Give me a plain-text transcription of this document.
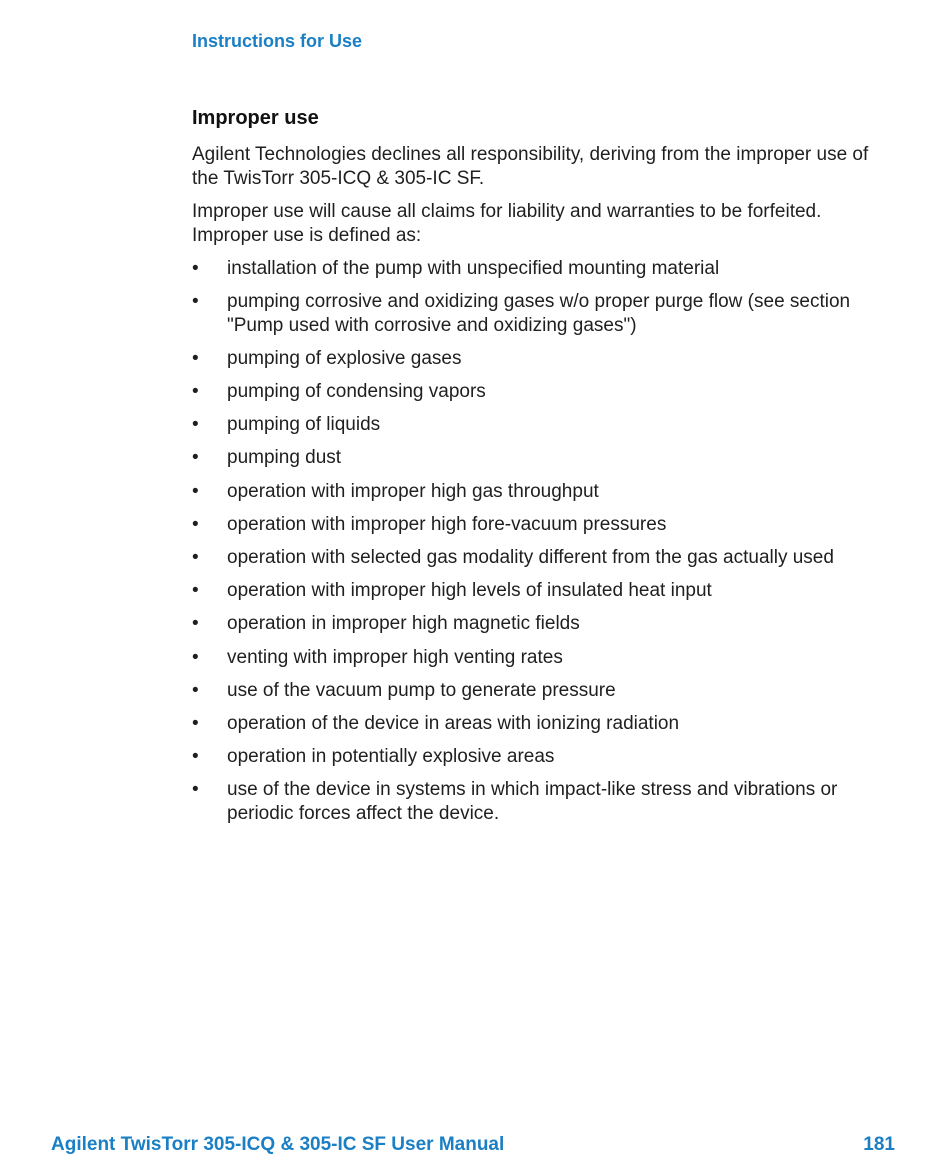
Instructions for Use
Improper use

Agilent Technologies declines all responsibility, deriving from the improper use of the TwisTorr 305-ICQ & 305-IC SF.

Improper use will cause all claims for liability and warranties to be forfeited. Improper use is defined as:

• installation of the pump with unspecified mounting material
• pumping corrosive and oxidizing gases w/o proper purge flow (see section "Pump used with corrosive and oxidizing gases")
• pumping of explosive gases
• pumping of condensing vapors
• pumping of liquids
• pumping dust
• operation with improper high gas throughput
• operation with improper high fore-vacuum pressures
• operation with selected gas modality different from the gas actually used
• operation with improper high levels of insulated heat input
• operation in improper high magnetic fields
• venting with improper high venting rates
• use of the vacuum pump to generate pressure
• operation of the device in areas with ionizing radiation
• operation in potentially explosive areas
• use of the device in systems in which impact-like stress and vibrations or periodic forces affect the device.
Agilent TwisTorr 305-ICQ & 305-IC SF User Manual	181
